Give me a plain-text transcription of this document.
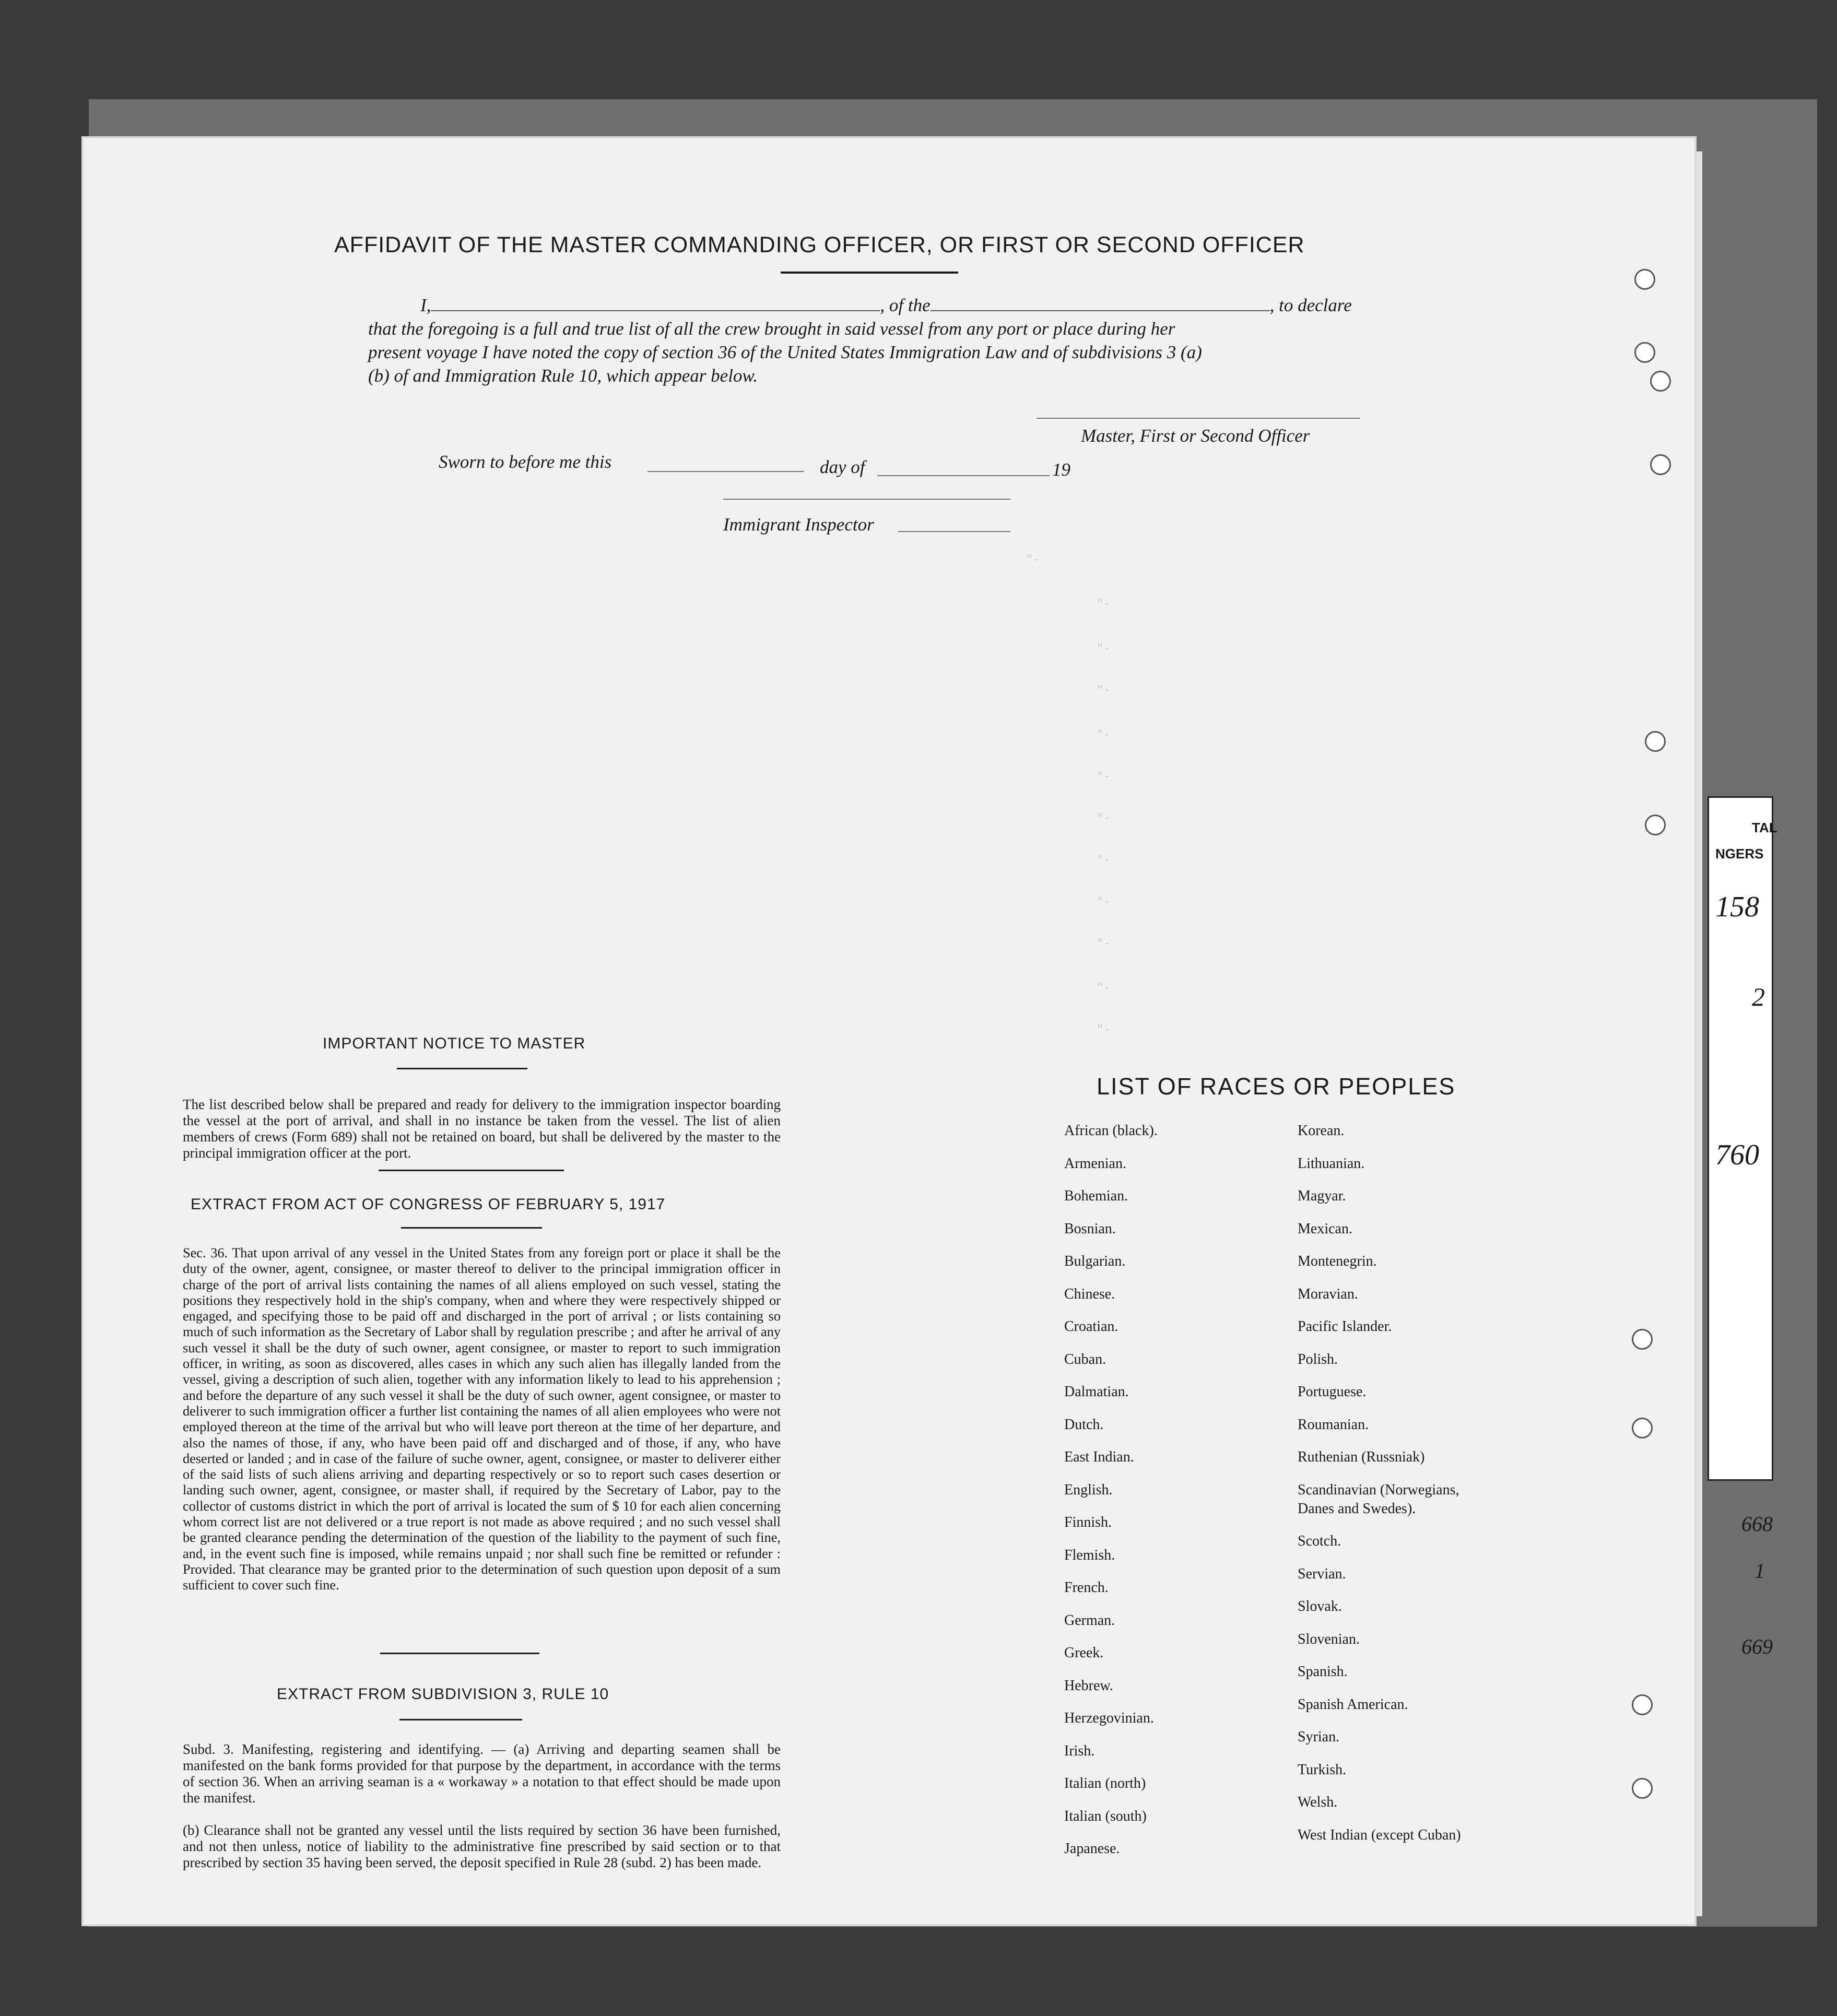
TAL
NGERS
158
2
760
668
1
669
AFFIDAVIT OF THE MASTER COMMANDING OFFICER, OR FIRST OR SECOND OFFICER
I,	, of the	, to declare
that the foregoing is a full and true list of all the crew brought in said vessel from any port or place during her
present voyage I have noted the copy of section 36 of the United States Immigration Law and of subdivisions 3 (a)
(b) of and Immigration Rule 10, which appear below.
Master, First or Second Officer
Sworn to before me this	day of	19
Immigrant Inspector
IMPORTANT NOTICE TO MASTER
The list described below shall be prepared and ready for delivery to the immigration inspector boarding the vessel at the port of arrival, and shall in no instance be taken from the vessel. The list of alien members of crews (Form 689) shall not be retained on board, but shall be delivered by the master to the principal immigration officer at the port.
EXTRACT FROM ACT OF CONGRESS OF FEBRUARY 5, 1917
Sec. 36. That upon arrival of any vessel in the United States from any foreign port or place it shall be the duty of the owner, agent, consignee, or master thereof to deliver to the principal immigration officer in charge of the port of arrival lists containing the names of all aliens employed on such vessel, stating the positions they respectively hold in the ship's company, when and where they were respectively shipped or engaged, and specifying those to be paid off and discharged in the port of arrival ; or lists containing so much of such information as the Secretary of Labor shall by regulation prescribe ; and after he arrival of any such vessel it shall be the duty of such owner, agent consignee, or master to report to such immigration officer, in writing, as soon as discovered, alles cases in which any such alien has illegally landed from the vessel, giving a description of such alien, together with any information likely to lead to his apprehension ; and before the departure of any such vessel it shall be the duty of such owner, agent consignee, or master to deliverer to such immigration officer a further list containing the names of all alien employees who were not employed thereon at the time of the arrival but who will leave port thereon at the time of her departure, and also the names of those, if any, who have been paid off and discharged and of those, if any, who have deserted or landed ; and in case of the failure of suche owner, agent, consignee, or master to deliverer either of the said lists of such aliens arriving and departing respectively or so to report such cases desertion or landing such owner, agent, consignee, or master shall, if required by the Secretary of Labor, pay to the collector of customs district in which the port of arrival is located the sum of $ 10 for each alien concerning whom correct list are not delivered or a true report is not made as above required ; and no such vessel shall be granted clearance pending the determination of the question of the liability to the payment of such fine, and, in the event such fine is imposed, while remains unpaid ; nor shall such fine be remitted or refunder : Provided. That clearance may be granted prior to the determination of such question upon deposit of a sum sufficient to cover such fine.
EXTRACT FROM SUBDIVISION 3, RULE 10
Subd. 3. Manifesting, registering and identifying. — (a) Arriving and departing seamen shall be manifested on the bank forms provided for that purpose by the department, in accordance with the terms of section 36. When an arriving seaman is a « workaway » a notation to that effect should be made upon the manifest.
(b) Clearance shall not be granted any vessel until the lists required by section 36 have been furnished, and not then unless, notice of liability to the administrative fine prescribed by said section or to that prescribed by section 35 having been served, the deposit specified in Rule 28 (subd. 2) has been made.
LIST OF RACES OR PEOPLES
African (black).
Armenian.
Bohemian.
Bosnian.
Bulgarian.
Chinese.
Croatian.
Cuban.
Dalmatian.
Dutch.
East Indian.
English.
Finnish.
Flemish.
French.
German.
Greek.
Hebrew.
Herzegovinian.
Irish.
Italian (north)
Italian (south)
Japanese.
Korean.
Lithuanian.
Magyar.
Mexican.
Montenegrin.
Moravian.
Pacific Islander.
Polish.
Portuguese.
Roumanian.
Ruthenian (Russniak)
Scandinavian (Norwegians,
Danes and Swedes).
Scotch.
Servian.
Slovak.
Slovenian.
Spanish.
Spanish American.
Syrian.
Turkish.
Welsh.
West Indian (except Cuban)
"-
"-
"-
"-
"-
"-
"-
"-
"-
"-
"-
"-
